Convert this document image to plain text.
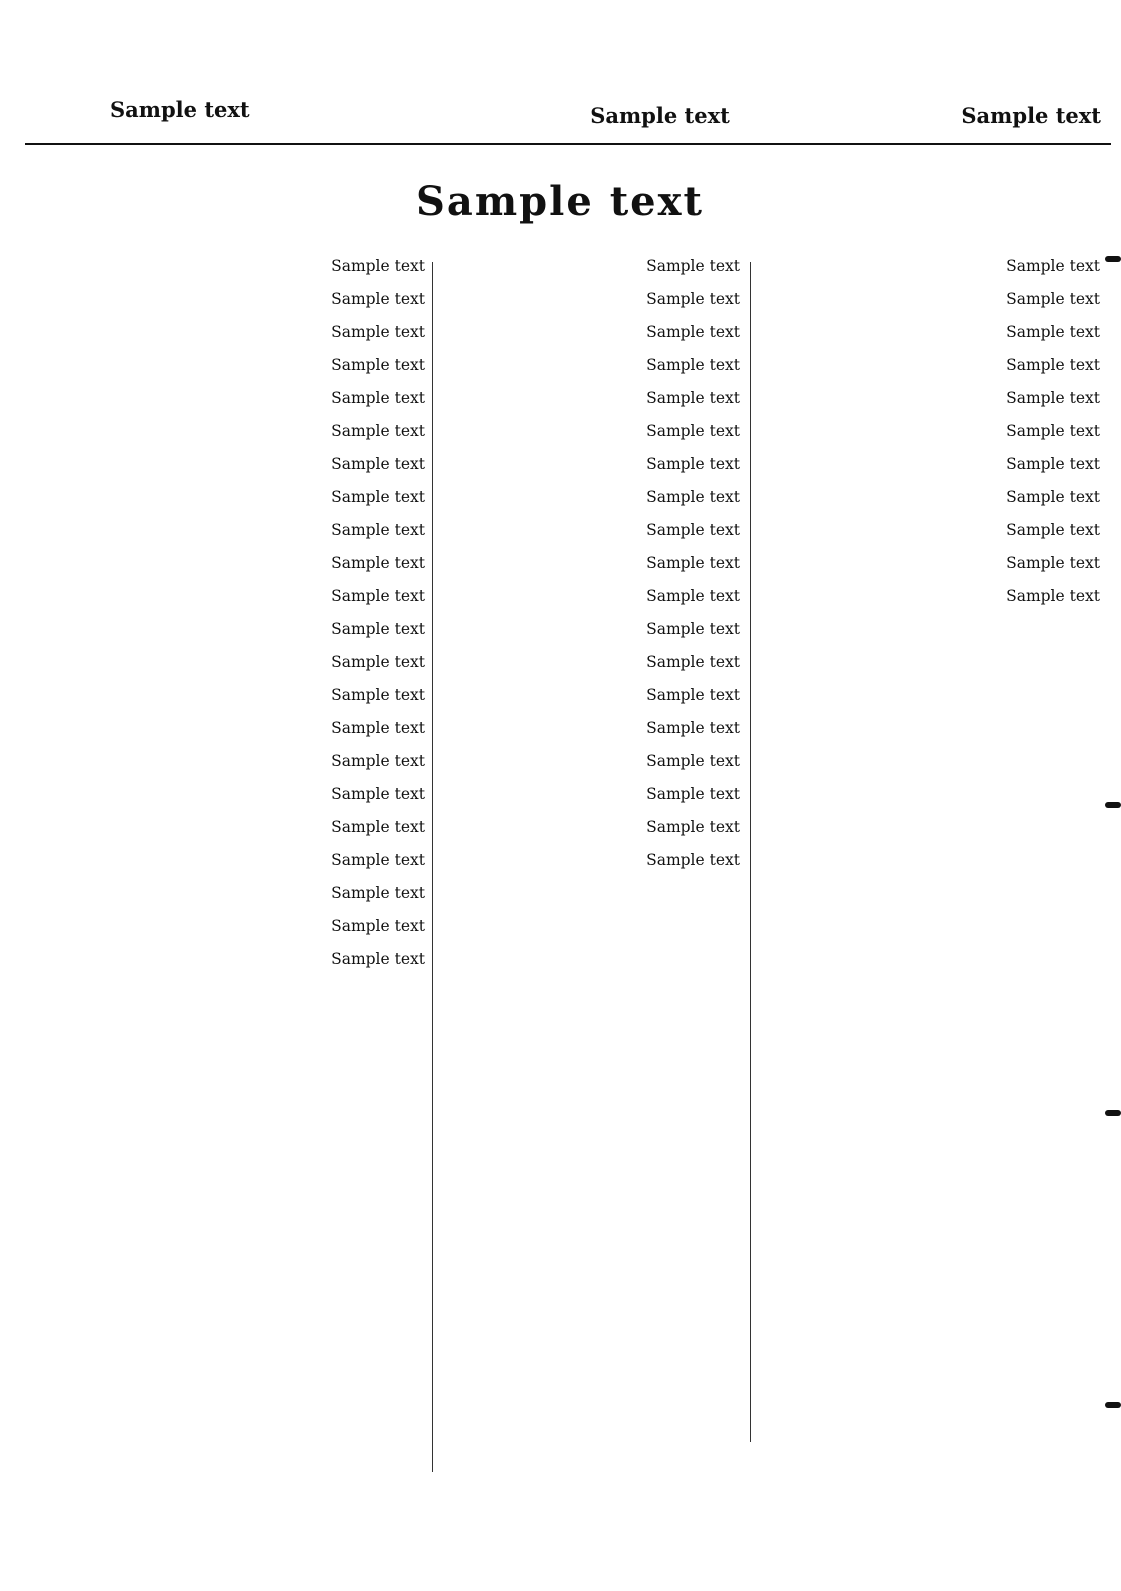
Sample text
Sample text
Sample text
Sample text

Sample text

Sample text

Sample text

Sample text

Sample text

Sample text

Sample text

Sample text

Sample text

Sample text

Sample text

Sample text

Sample text

Sample text

Sample text

Sample text

Sample text

Sample text

Sample text

Sample text

Sample text

Sample text

Sample text

Sample text

Sample text

Sample text

Sample text

Sample text

Sample text

Sample text

Sample text

Sample text

Sample text

Sample text

Sample text

Sample text

Sample text

Sample text

Sample text

Sample text

Sample text

Sample text

Sample text

Sample text

Sample text

Sample text

Sample text

Sample text

Sample text

Sample text

Sample text

Sample text
